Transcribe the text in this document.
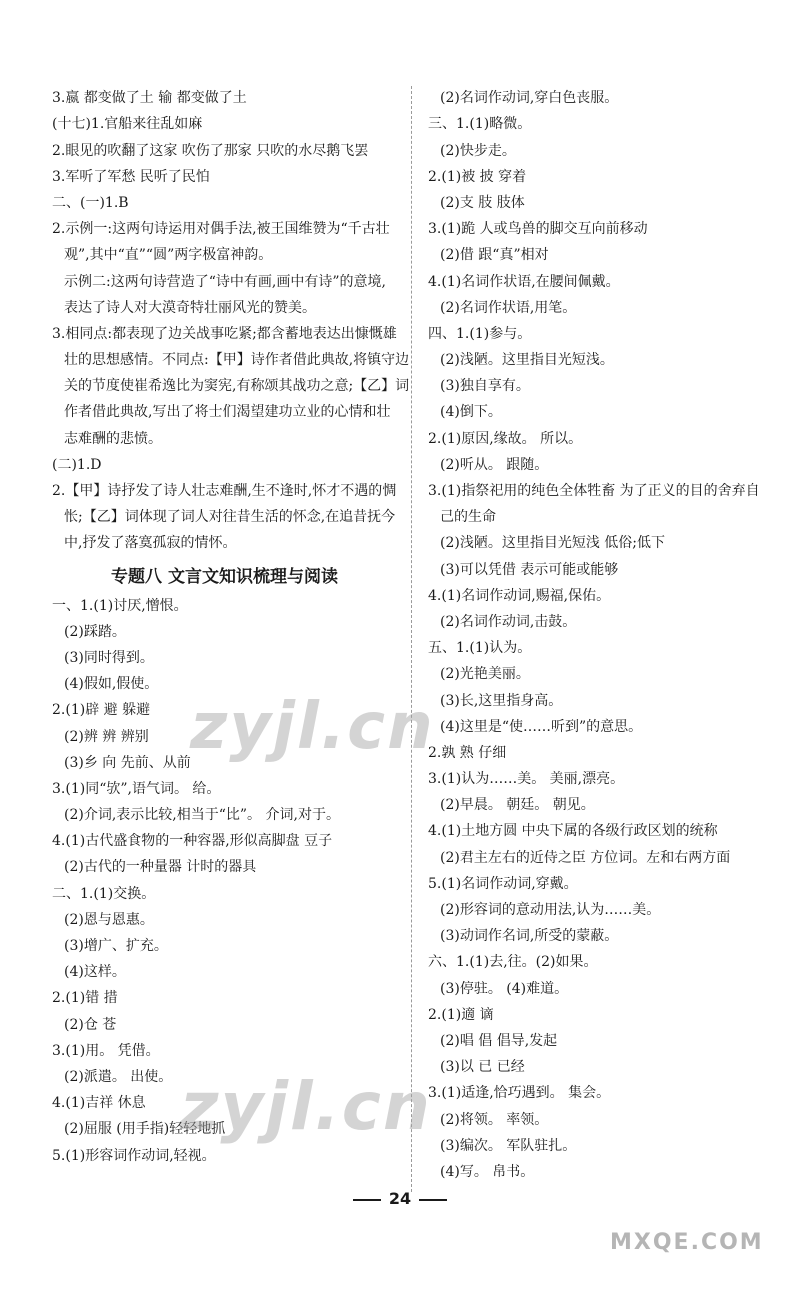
3.嬴 都变做了土 输 都变做了土
(十七)1.官船来往乱如麻
2.眼见的吹翻了这家 吹伤了那家 只吹的水尽鹅飞罢
3.军听了军愁 民听了民怕
二、(一)1.B
2.示例一:这两句诗运用对偶手法,被王国维赞为“千古壮
观”,其中“直”“圆”两字极富神韵。
示例二:这两句诗营造了“诗中有画,画中有诗”的意境,
表达了诗人对大漠奇特壮丽风光的赞美。
3.相同点:都表现了边关战事吃紧;都含蓄地表达出慷慨雄
壮的思想感情。不同点:【甲】诗作者借此典故,将镇守边
关的节度使崔希逸比为窦宪,有称颂其战功之意;【乙】词
作者借此典故,写出了将士们渴望建功立业的心情和壮
志难酬的悲愤。
(二)1.D
2.【甲】诗抒发了诗人壮志难酬,生不逢时,怀才不遇的惆
怅;【乙】词体现了词人对往昔生活的怀念,在追昔抚今
中,抒发了落寞孤寂的情怀。
专题八 文言文知识梳理与阅读
一、1.(1)讨厌,憎恨。
(2)踩踏。
(3)同时得到。
(4)假如,假使。
2.(1)辟 避 躲避
(2)辨 辨 辨别
(3)乡 向 先前、从前
3.(1)同“欤”,语气词。 给。
(2)介词,表示比较,相当于“比”。 介词,对于。
4.(1)古代盛食物的一种容器,形似高脚盘 豆子
(2)古代的一种量器 计时的器具
二、1.(1)交换。
(2)恩与恩惠。
(3)增广、扩充。
(4)这样。
2.(1)错 措
(2)仓 苍
3.(1)用。 凭借。
(2)派遣。 出使。
4.(1)吉祥 休息
(2)屈服 (用手指)轻轻地抓
5.(1)形容词作动词,轻视。
(2)名词作动词,穿白色丧服。
三、1.(1)略微。
(2)快步走。
2.(1)被 披 穿着
(2)支 肢 肢体
3.(1)跪 人或鸟兽的脚交互向前移动
(2)借 跟“真”相对
4.(1)名词作状语,在腰间佩戴。
(2)名词作状语,用笔。
四、1.(1)参与。
(2)浅陋。这里指目光短浅。
(3)独自享有。
(4)倒下。
2.(1)原因,缘故。 所以。
(2)听从。 跟随。
3.(1)指祭祀用的纯色全体牲畜 为了正义的目的舍弃自
己的生命
(2)浅陋。这里指目光短浅 低俗;低下
(3)可以凭借 表示可能或能够
4.(1)名词作动词,赐福,保佑。
(2)名词作动词,击鼓。
五、1.(1)认为。
(2)光艳美丽。
(3)长,这里指身高。
(4)这里是“使……听到”的意思。
2.孰 熟 仔细
3.(1)认为……美。 美丽,漂亮。
(2)早晨。 朝廷。 朝见。
4.(1)土地方圆 中央下属的各级行政区划的统称
(2)君主左右的近侍之臣 方位词。左和右两方面
5.(1)名词作动词,穿戴。
(2)形容词的意动用法,认为……美。
(3)动词作名词,所受的蒙蔽。
六、1.(1)去,往。(2)如果。
(3)停驻。 (4)难道。
2.(1)適 谪
(2)唱 倡 倡导,发起
(3)以 已 已经
3.(1)适逢,恰巧遇到。 集会。
(2)将领。 率领。
(3)编次。 军队驻扎。
(4)写。 帛书。
24
zyjl.cn
zyjl.cn
MXQE.COM
